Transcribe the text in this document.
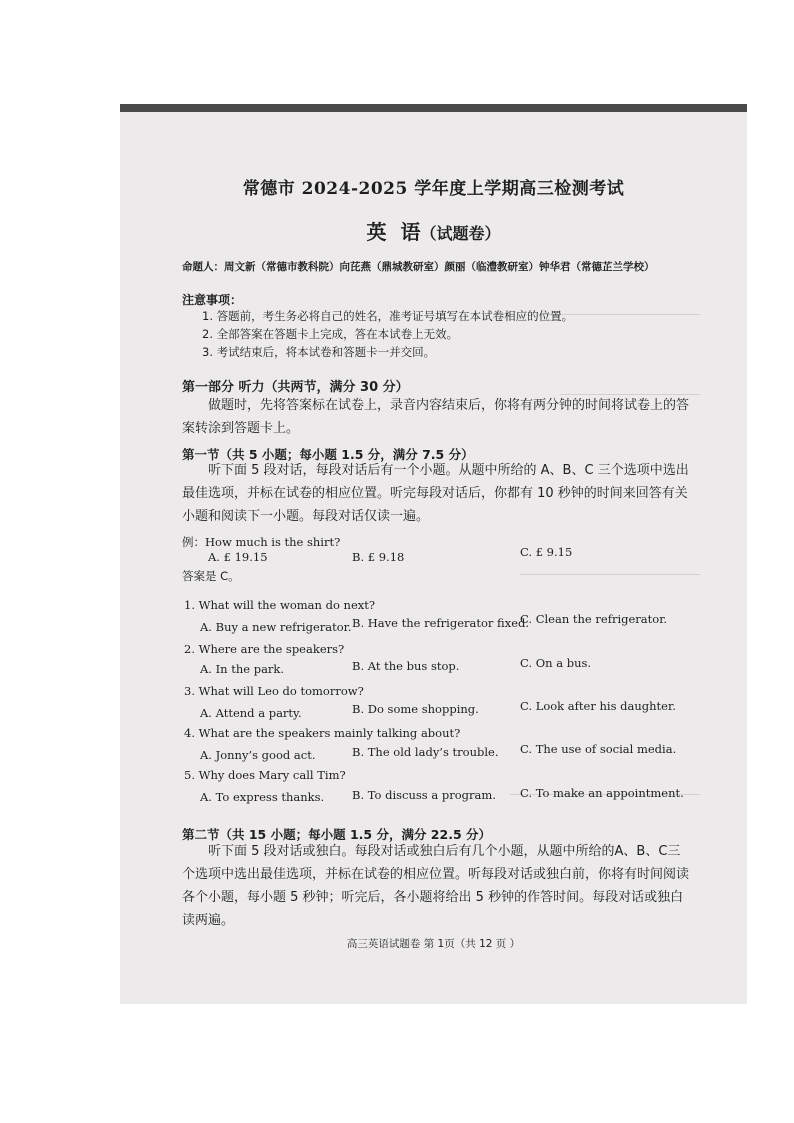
常德市 2024-2025 学年度上学期高三检测考试
英  语（试题卷）
命题人：周文新（常德市教科院）向芘燕（鼎城教研室）颜丽（临澧教研室）钟华君（常德芷兰学校）
注意事项：
1. 答题前，考生务必将自己的姓名，准考证号填写在本试卷相应的位置。
2. 全部答案在答题卡上完成，答在本试卷上无效。
3. 考试结束后，将本试卷和答题卡一并交回。
第一部分 听力（共两节，满分 30 分）
做题时，先将答案标在试卷上，录音内容结束后，你将有两分钟的时间将试卷上的答案转涂到答题卡上。
第一节（共 5 小题；每小题 1.5 分，满分 7.5 分）
听下面 5 段对话，每段对话后有一个小题。从题中所给的 A、B、C 三个选项中选出最佳选项，并标在试卷的相应位置。听完每段对话后，你都有 10 秒钟的时间来回答有关小题和阅读下一小题。每段对话仅读一遍。
例：How much is the shirt?
A. £ 19.15	B. £ 9.18	C. £ 9.15
答案是 C。
1. What will the woman do next?
A. Buy a new refrigerator. B. Have the refrigerator fixed.
C. Clean the refrigerator.
2. Where are the speakers?
A. In the park.	B. At the bus stop.	C. On a bus.
3. What will Leo do tomorrow?
A. Attend a party.	B. Do some shopping.	C. Look after his daughter.
4. What are the speakers mainly talking about?
A. Jonny’s good act.	B. The old lady’s trouble. C. The use of social media.
5. Why does Mary call Tim?
A. To express thanks. B. To discuss a program. C. To make an appointment.
第二节（共 15 小题；每小题 1.5 分，满分 22.5 分）
听下面 5 段对话或独白。每段对话或独白后有几个小题，从题中所给的A、B、C三个选项中选出最佳选项，并标在试卷的相应位置。听每段对话或独白前，你将有时间阅读各个小题，每小题 5 秒钟；听完后，各小题将给出 5 秒钟的作答时间。每段对话或独白读两遍。
高三英语试题卷 第 1页（共 12 页 ）
